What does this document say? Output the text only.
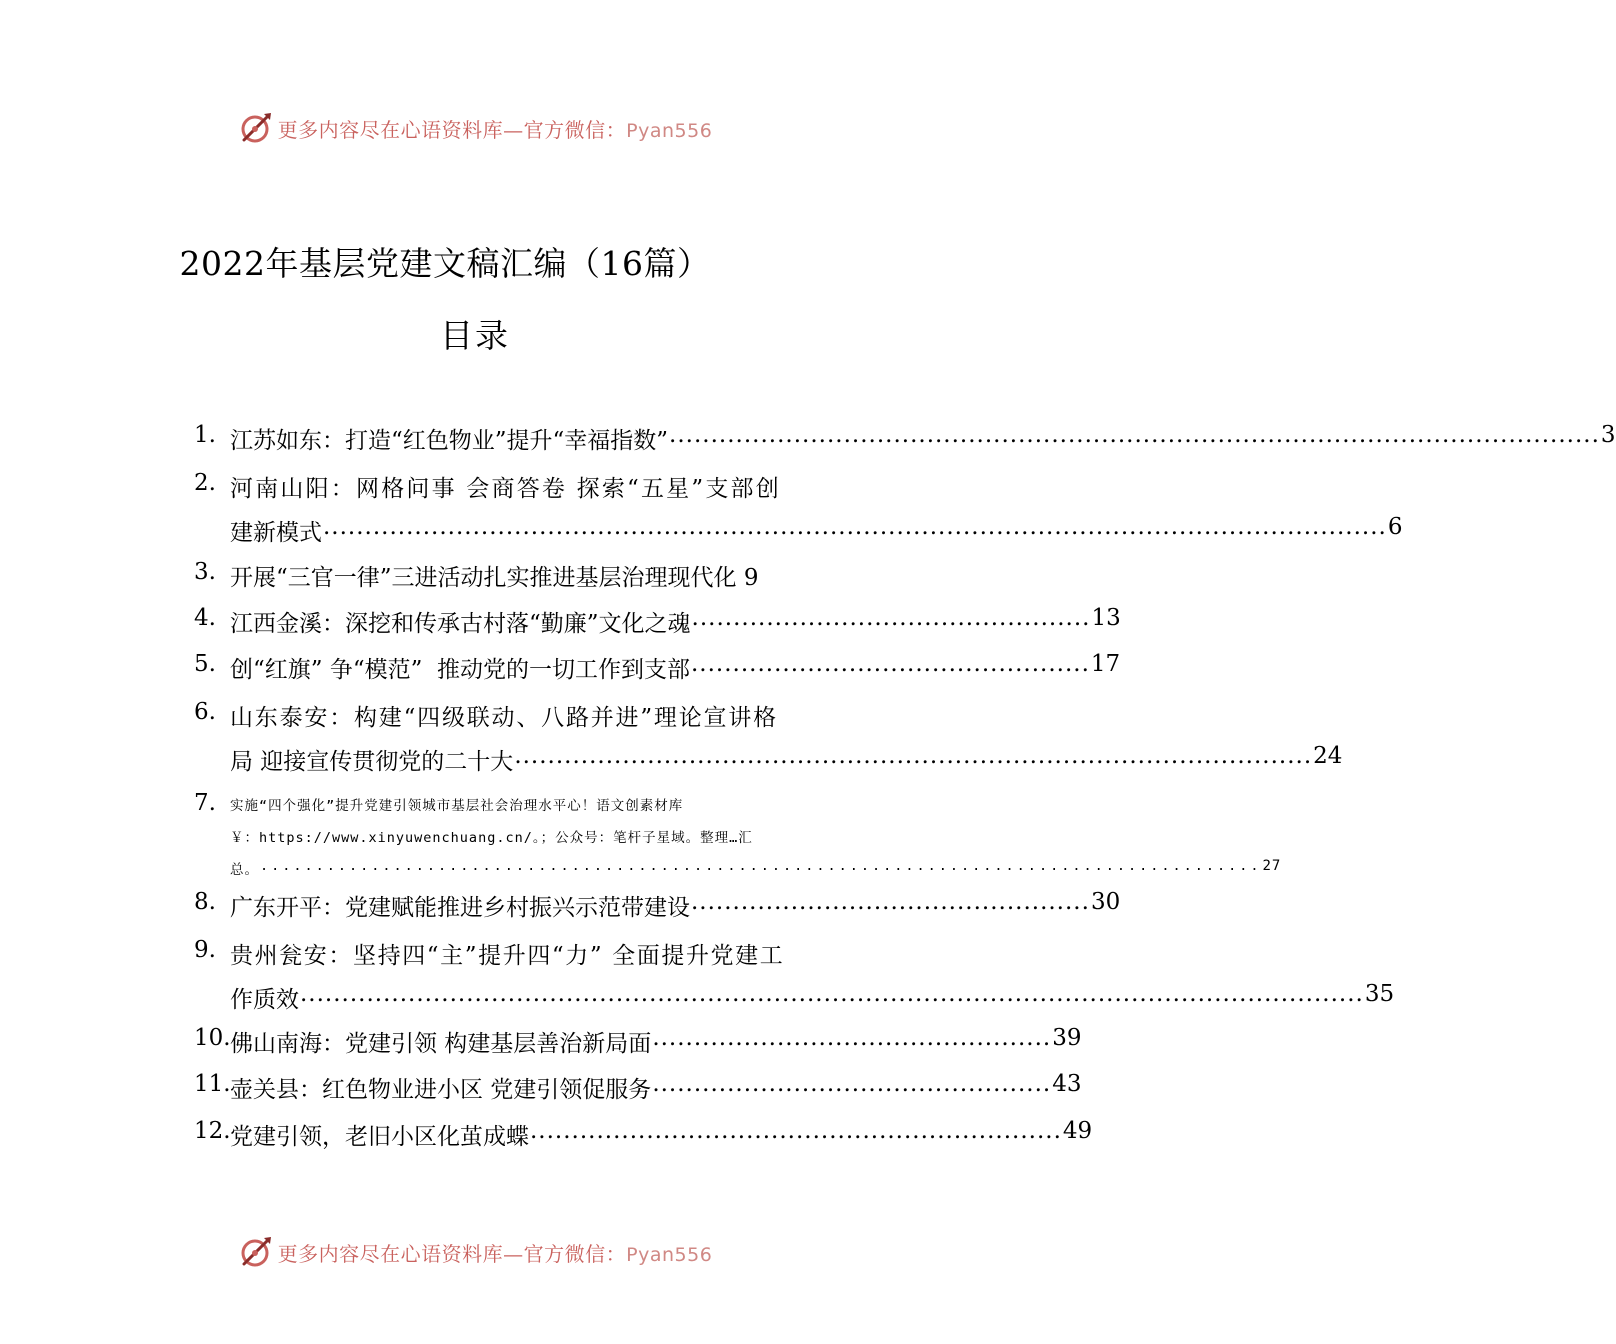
更多内容尽在心语资料库—官方微信：Pyan556
2022年基层党建文稿汇编（16篇）
目录
1. 江苏如东：打造“红色物业”提升“幸福指数” ................................................................................................................ 3
2. 河南山阳：网格问事 会商答卷 探索“五星”支部创
建新模式 ................................................................................................................................ 6
3. 开展“三官一律”三进活动扎实推进基层治理现代化 9
4. 江西金溪：深挖和传承古村落“勤廉”文化之魂 ................................................ 13
5. 创“红旗” 争“模范”  推动党的一切工作到支部 ................................................ 17
6. 山东泰安：构建“四级联动、八路并进”理论宣讲格
局 迎接宣传贯彻党的二十大 ................................................................................................ 24
7. 实施“四个强化”提升党建引领城市基层社会治理水平心！语文创素材库
￥：https://www.xinyuwenchuang.cn/。；公众号：笔杆子星域。整理…汇
总。 .......................................................................................... 27
8. 广东开平：党建赋能推进乡村振兴示范带建设 ................................................ 30
9. 贵州瓮安：坚持四“主”提升四“力” 全面提升党建工
作质效 ................................................................................................................................ 35
10. 佛山南海：党建引领 构建基层善治新局面 ................................................ 39
11. 壶关县：红色物业进小区 党建引领促服务 ................................................ 43
12. 党建引领，老旧小区化茧成蝶 ................................................................ 49
更多内容尽在心语资料库—官方微信：Pyan556
